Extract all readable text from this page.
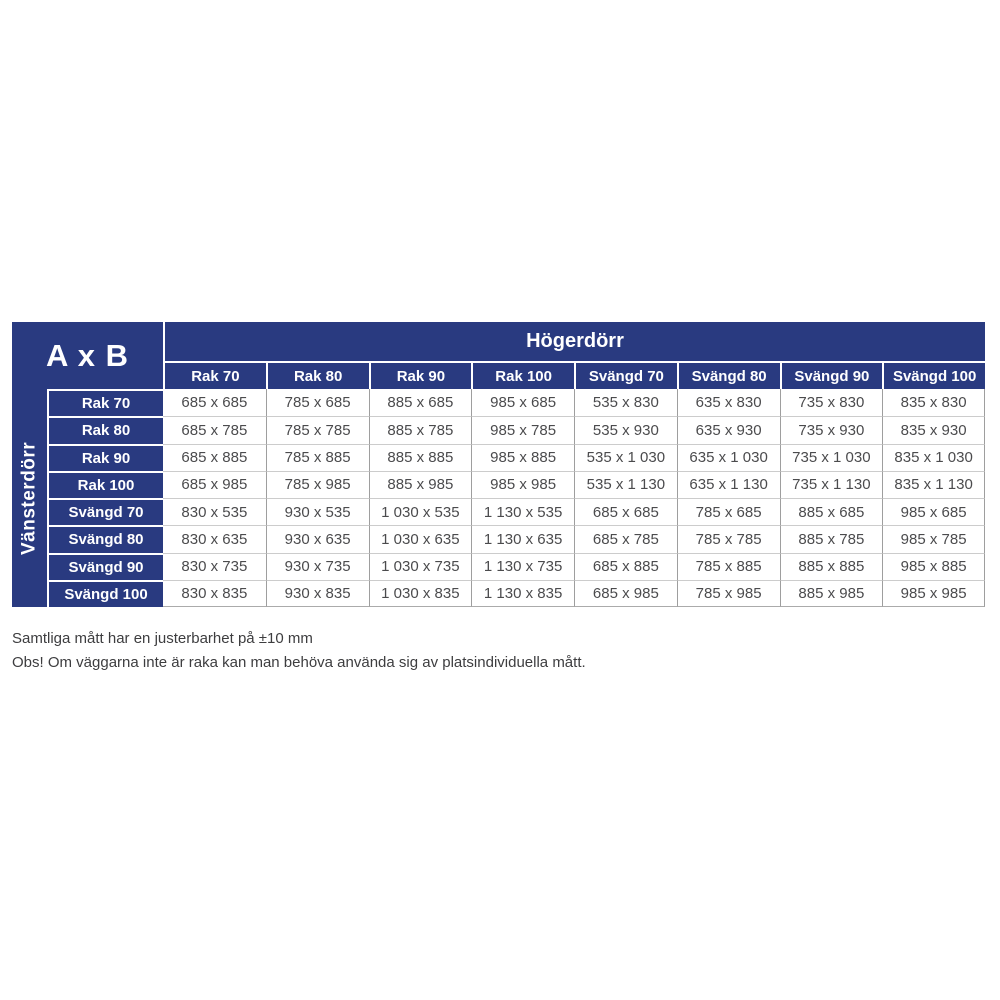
A x B	Högerdörr
Rak 70	Rak 80	Rak 90	Rak 100	Svängd 70	Svängd 80	Svängd 90	Svängd 100
Vänsterdörr
Rak 70	685 x 685	785 x 685	885 x 685	985 x 685	535 x 830	635 x 830	735 x 830	835 x 830
Rak 80	685 x 785	785 x 785	885 x 785	985 x 785	535 x 930	635 x 930	735 x 930	835 x 930
Rak 90	685 x 885	785 x 885	885 x 885	985 x 885	535 x 1 030	635 x 1 030	735 x 1 030	835 x 1 030
Rak 100	685 x 985	785 x 985	885 x 985	985 x 985	535 x 1 130	635 x 1 130	735 x 1 130	835 x 1 130
Svängd 70	830 x 535	930 x 535	1 030 x 535	1 130 x 535	685 x 685	785 x 685	885 x 685	985 x 685
Svängd 80	830 x 635	930 x 635	1 030 x 635	1 130 x 635	685 x 785	785 x 785	885 x 785	985 x 785
Svängd 90	830 x 735	930 x 735	1 030 x 735	1 130 x 735	685 x 885	785 x 885	885 x 885	985 x 885
Svängd 100	830 x 835	930 x 835	1 030 x 835	1 130 x 835	685 x 985	785 x 985	885 x 985	985 x 985
Samtliga mått har en justerbarhet på ±10 mm
Obs! Om väggarna inte är raka kan man behöva använda sig av platsindividuella mått.
